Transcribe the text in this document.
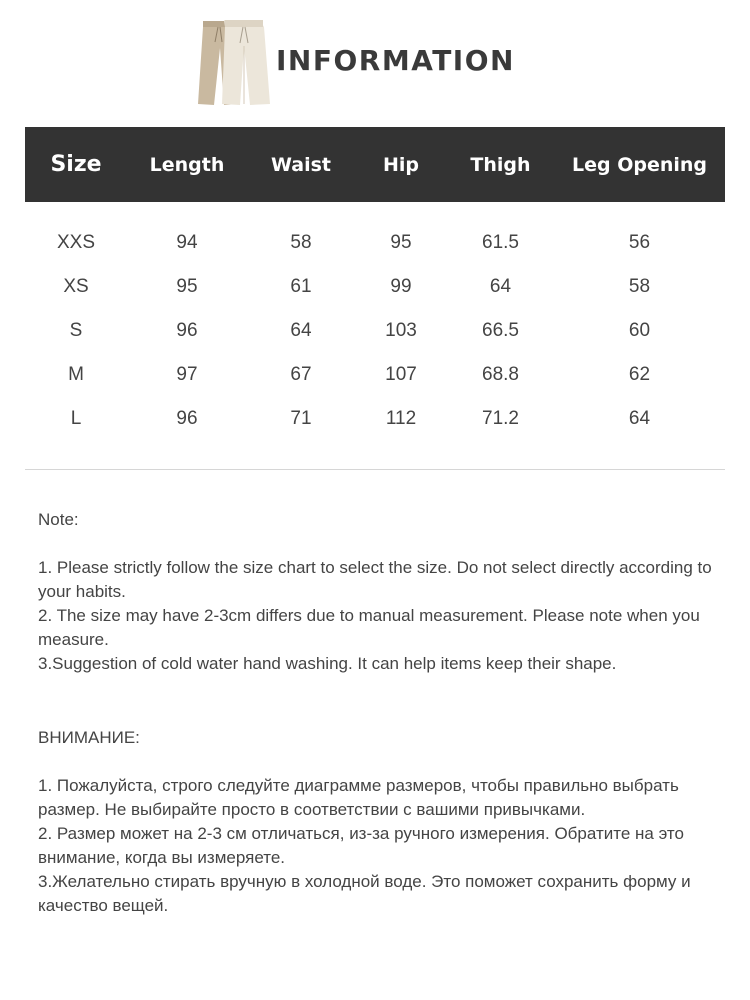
INFORMATION
Size	Length	Waist	Hip	Thigh	Leg Opening
XXS	94	58	95	61.5	56
XS	95	61	99	64	58
S	96	64	103	66.5	60
M	97	67	107	68.8	62
L	96	71	112	71.2	64

Note:

1. Please strictly follow the size chart to select the size. Do not select directly according to your habits.

2. The size may have 2-3cm differs due to manual measurement. Please note when you measure.

3.Suggestion of cold water hand washing. It can help items keep their shape.

ВНИМАНИЕ:

1. Пожалуйста, строго следуйте диаграмме размеров, чтобы правильно выбрать размер. Не выбирайте просто в соответствии с вашими привычками.

2. Размер может на 2-3 см отличаться, из-за ручного измерения. Обратите на это внимание, когда вы измеряете.

3.Желательно стирать вручную в холодной воде. Это поможет сохранить форму и качество вещей.
